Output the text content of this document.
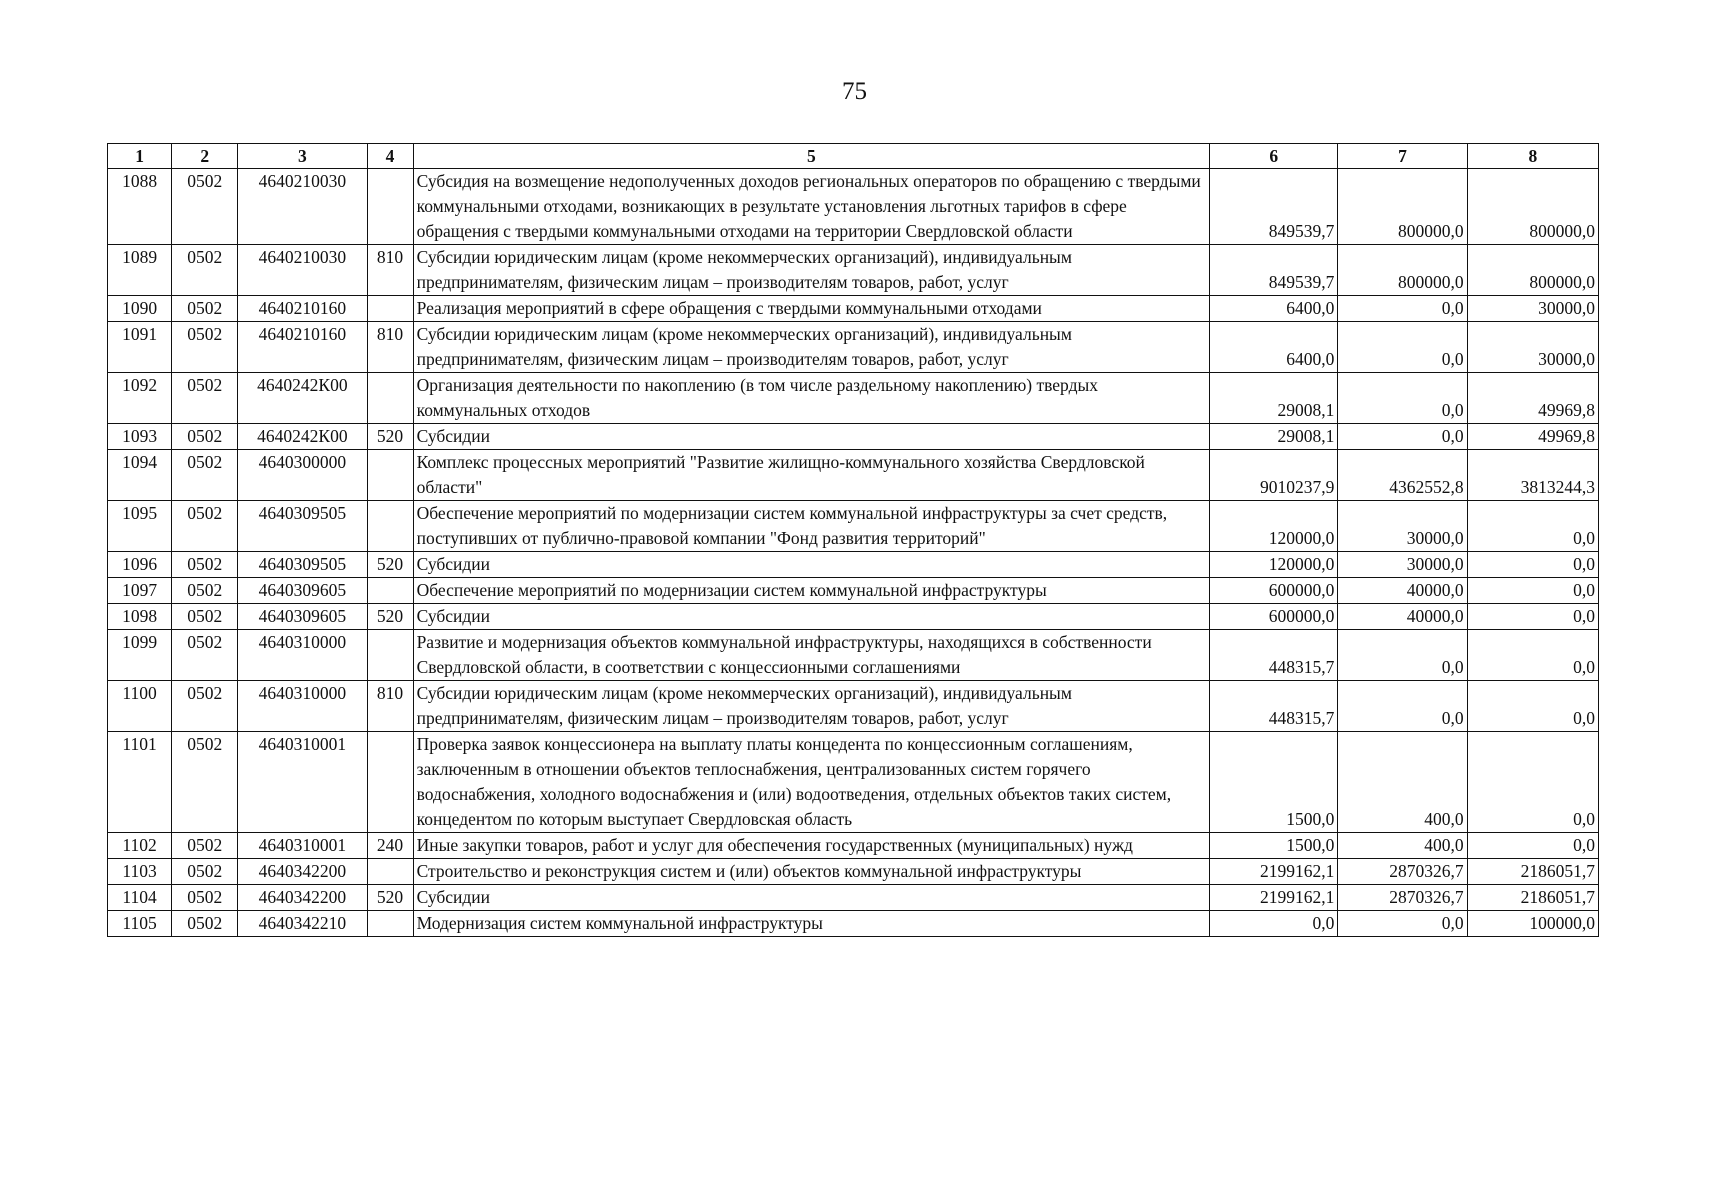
75
1	2	3	4	5	6	7	8
1088	0502	4640210030		Субсидия на возмещение недополученных доходов региональных операторов по обращению с твердыми коммунальными отходами, возникающих в результате установления льготных тарифов в сфере обращения с твердыми коммунальными отходами на территории Свердловской области	849539,7	800000,0	800000,0
1089	0502	4640210030	810	Субсидии юридическим лицам (кроме некоммерческих организаций), индивидуальным предпринимателям, физическим лицам – производителям товаров, работ, услуг	849539,7	800000,0	800000,0
1090	0502	4640210160		Реализация мероприятий в сфере обращения с твердыми коммунальными отходами	6400,0	0,0	30000,0
1091	0502	4640210160	810	Субсидии юридическим лицам (кроме некоммерческих организаций), индивидуальным предпринимателям, физическим лицам – производителям товаров, работ, услуг	6400,0	0,0	30000,0
1092	0502	4640242К00		Организация деятельности по накоплению (в том числе раздельному накоплению) твердых коммунальных отходов	29008,1	0,0	49969,8
1093	0502	4640242К00	520	Субсидии	29008,1	0,0	49969,8
1094	0502	4640300000		Комплекс процессных мероприятий "Развитие жилищно-коммунального хозяйства Свердловской области"	9010237,9	4362552,8	3813244,3
1095	0502	4640309505		Обеспечение мероприятий по модернизации систем коммунальной инфраструктуры за счет средств, поступивших от публично-правовой компании "Фонд развития территорий"	120000,0	30000,0	0,0
1096	0502	4640309505	520	Субсидии	120000,0	30000,0	0,0
1097	0502	4640309605		Обеспечение мероприятий по модернизации систем коммунальной инфраструктуры	600000,0	40000,0	0,0
1098	0502	4640309605	520	Субсидии	600000,0	40000,0	0,0
1099	0502	4640310000		Развитие и модернизация объектов коммунальной инфраструктуры, находящихся в собственности Свердловской области, в соответствии с концессионными соглашениями	448315,7	0,0	0,0
1100	0502	4640310000	810	Субсидии юридическим лицам (кроме некоммерческих организаций), индивидуальным предпринимателям, физическим лицам – производителям товаров, работ, услуг	448315,7	0,0	0,0
1101	0502	4640310001		Проверка заявок концессионера на выплату платы концедента по концессионным соглашениям, заключенным в отношении объектов теплоснабжения, централизованных систем горячего водоснабжения, холодного водоснабжения и (или) водоотведения, отдельных объектов таких систем, концедентом по которым выступает Свердловская область	1500,0	400,0	0,0
1102	0502	4640310001	240	Иные закупки товаров, работ и услуг для обеспечения государственных (муниципальных) нужд	1500,0	400,0	0,0
1103	0502	4640342200		Строительство и реконструкция систем и (или) объектов коммунальной инфраструктуры	2199162,1	2870326,7	2186051,7
1104	0502	4640342200	520	Субсидии	2199162,1	2870326,7	2186051,7
1105	0502	4640342210		Модернизация систем коммунальной инфраструктуры	0,0	0,0	100000,0
